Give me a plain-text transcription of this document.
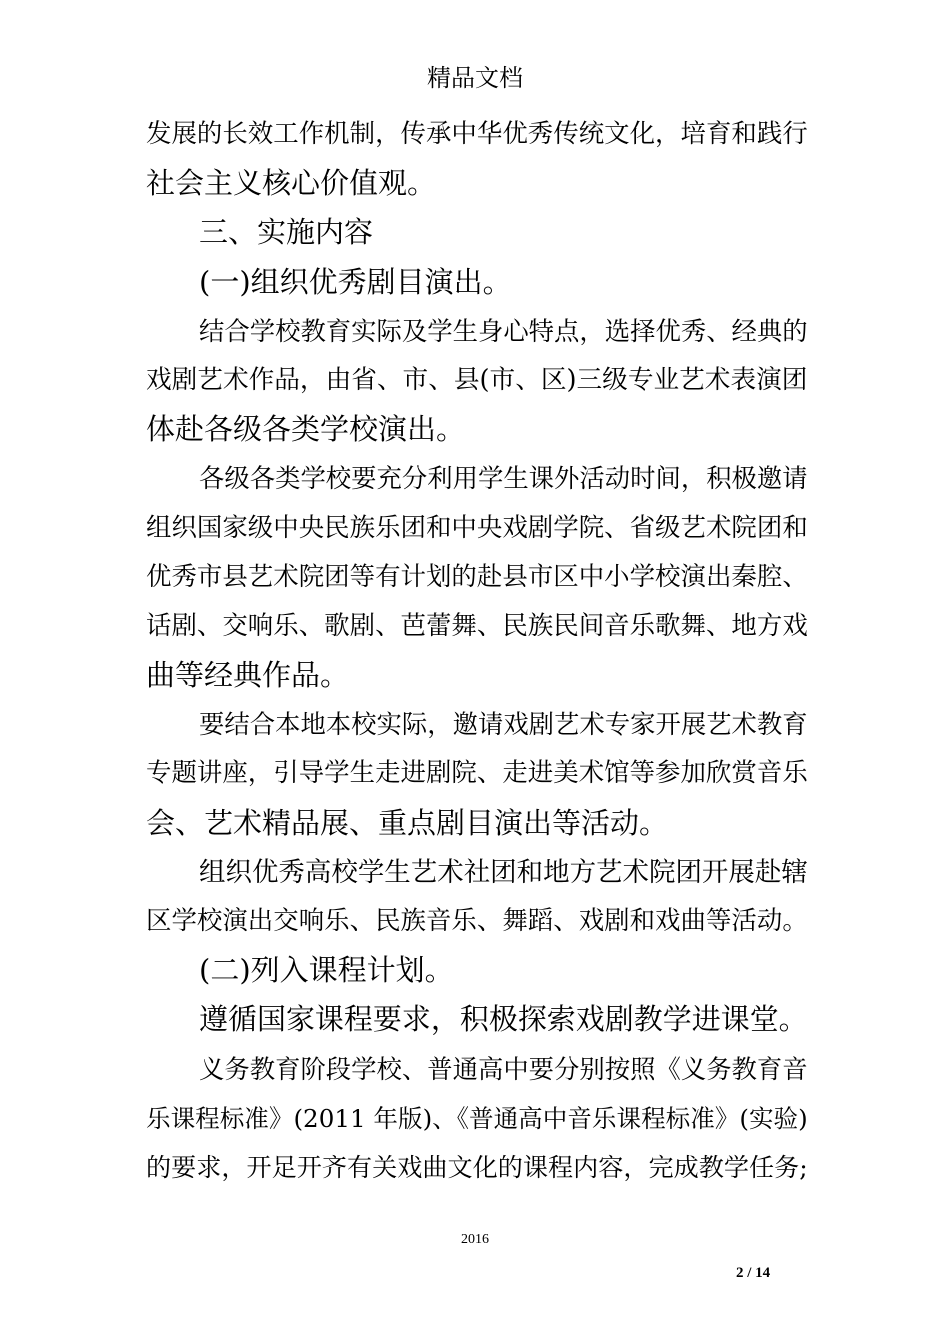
精品文档
发展的长效工作机制，传承中华优秀传统文化，培育和践行
社会主义核心价值观。
三、实施内容
(一)组织优秀剧目演出。
结合学校教育实际及学生身心特点，选择优秀、经典的
戏剧艺术作品，由省、市、县(市、区)三级专业艺术表演团
体赴各级各类学校演出。
各级各类学校要充分利用学生课外活动时间，积极邀请
组织国家级中央民族乐团和中央戏剧学院、省级艺术院团和
优秀市县艺术院团等有计划的赴县市区中小学校演出秦腔、
话剧、交响乐、歌剧、芭蕾舞、民族民间音乐歌舞、地方戏
曲等经典作品。
要结合本地本校实际，邀请戏剧艺术专家开展艺术教育
专题讲座，引导学生走进剧院、走进美术馆等参加欣赏音乐
会、艺术精品展、重点剧目演出等活动。
组织优秀高校学生艺术社团和地方艺术院团开展赴辖
区学校演出交响乐、民族音乐、舞蹈、戏剧和戏曲等活动。
(二)列入课程计划。
遵循国家课程要求，积极探索戏剧教学进课堂。
义务教育阶段学校、普通高中要分别按照《义务教育音
乐课程标准》(2011 年版)、《普通高中音乐课程标准》(实验)
的要求，开足开齐有关戏曲文化的课程内容，完成教学任务;
2016
2 / 14
